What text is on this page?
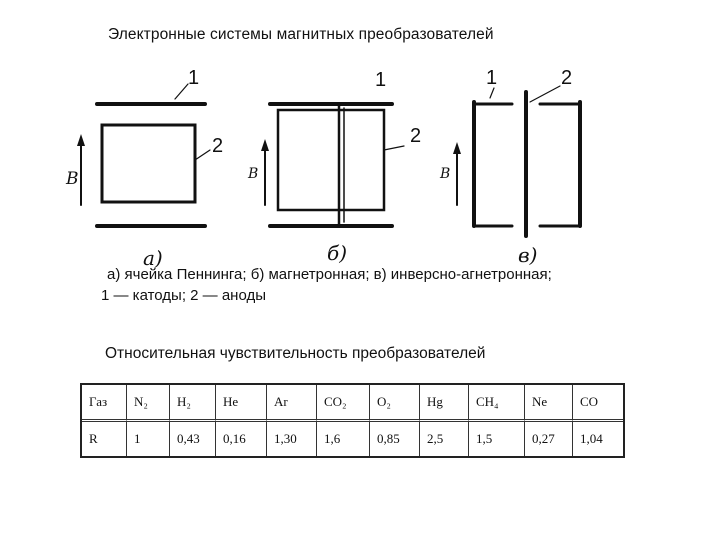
Электронные системы магнитных преобразователей
1
2
1
2
1	2
B	B	B
а)	б)	в)
а) ячейка Пеннинга; б) магнетронная; в) инверсно-агнетронная;
1 — катоды; 2 — аноды
Относительная чувствительность преобразователей
Газ	N₂	H₂	He	Ar	CO₂	O₂	Hg	CH₄	Ne	CO
R	1	0,43	0,16	1,30	1,6	0,85	2,5	1,5	0,27	1,04
